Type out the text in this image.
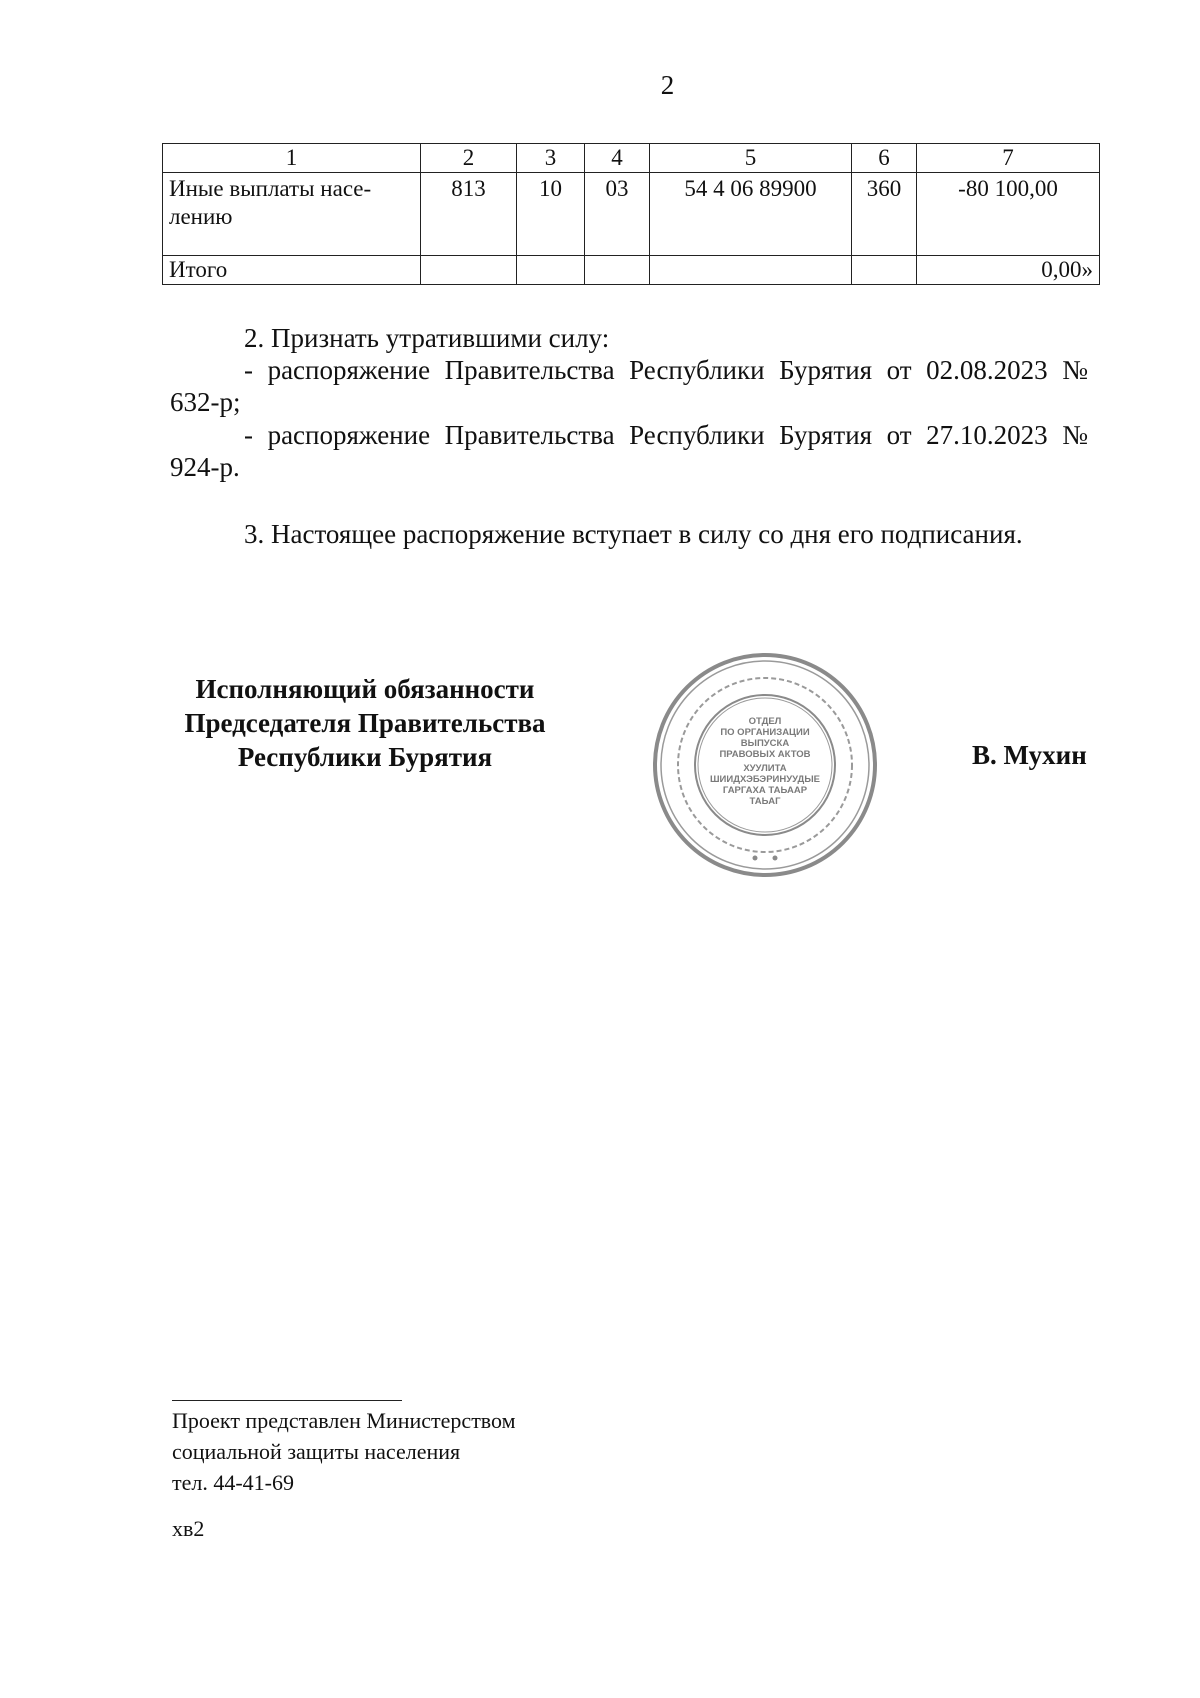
2
1	2	3	4	5	6	7
Иные выплаты насе-лению	813	10	03	54 4 06 89900	360	-80 100,00
Итого						0,00»
2. Признать утратившими силу:
- распоряжение Правительства Республики Бурятия от 02.08.2023 № 632-р;
- распоряжение Правительства Республики Бурятия от 27.10.2023 № 924-р.
3. Настоящее распоряжение вступает в силу со дня его подписания.
Исполняющий обязанности
Председателя Правительства
Республики Бурятия
ОТДЕЛ
ПО ОРГАНИЗАЦИИ
ВЫПУСКА
ПРАВОВЫХ АКТОВ
ХУУЛИТА
ШИИДХЭБЭРИНУУДЫЕ
ГАРГАХА ТАЬААР
ТАЬАГ
В. Мухин
Проект представлен Министерством
социальной защиты населения
тел. 44-41-69
хв2
